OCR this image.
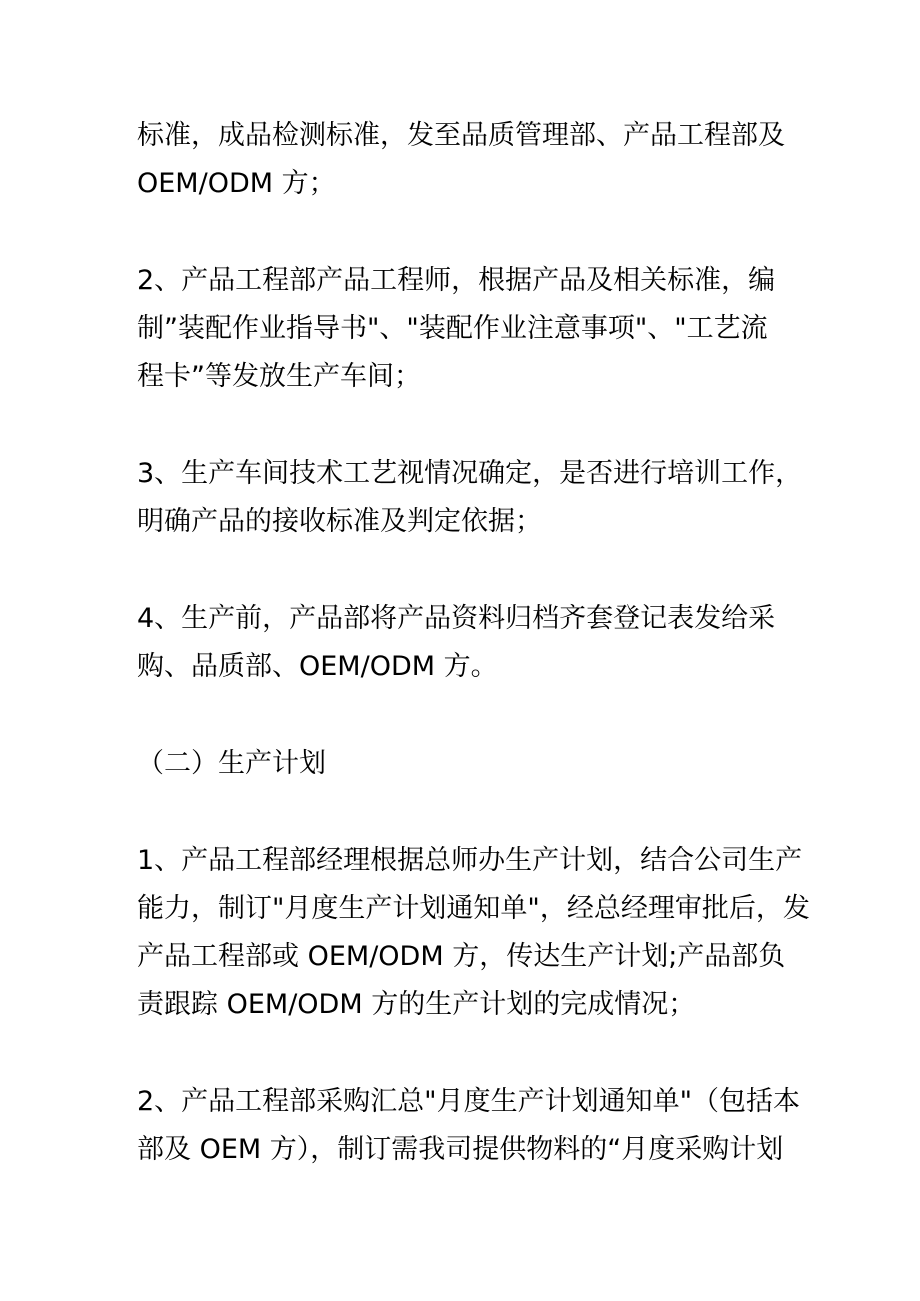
标准，成品检测标准，发至品质管理部、产品工程部及
OEM/ODM 方；
2、产品工程部产品工程师，根据产品及相关标准，编
制”装配作业指导书"、"装配作业注意事项"、"工艺流
程卡”等发放生产车间；
3、生产车间技术工艺视情况确定，是否进行培训工作，
明确产品的接收标准及判定依据；
4、生产前，产品部将产品资料归档齐套登记表发给采
购、品质部、OEM/ODM 方。
（二）生产计划
1、产品工程部经理根据总师办生产计划，结合公司生产
能力，制订"月度生产计划通知单"，经总经理审批后，发
产品工程部或 OEM/ODM 方，传达生产计划;产品部负
责跟踪 OEM/ODM 方的生产计划的完成情况；
2、产品工程部采购汇总"月度生产计划通知单"（包括本
部及 OEM 方），制订需我司提供物料的“月度采购计划
